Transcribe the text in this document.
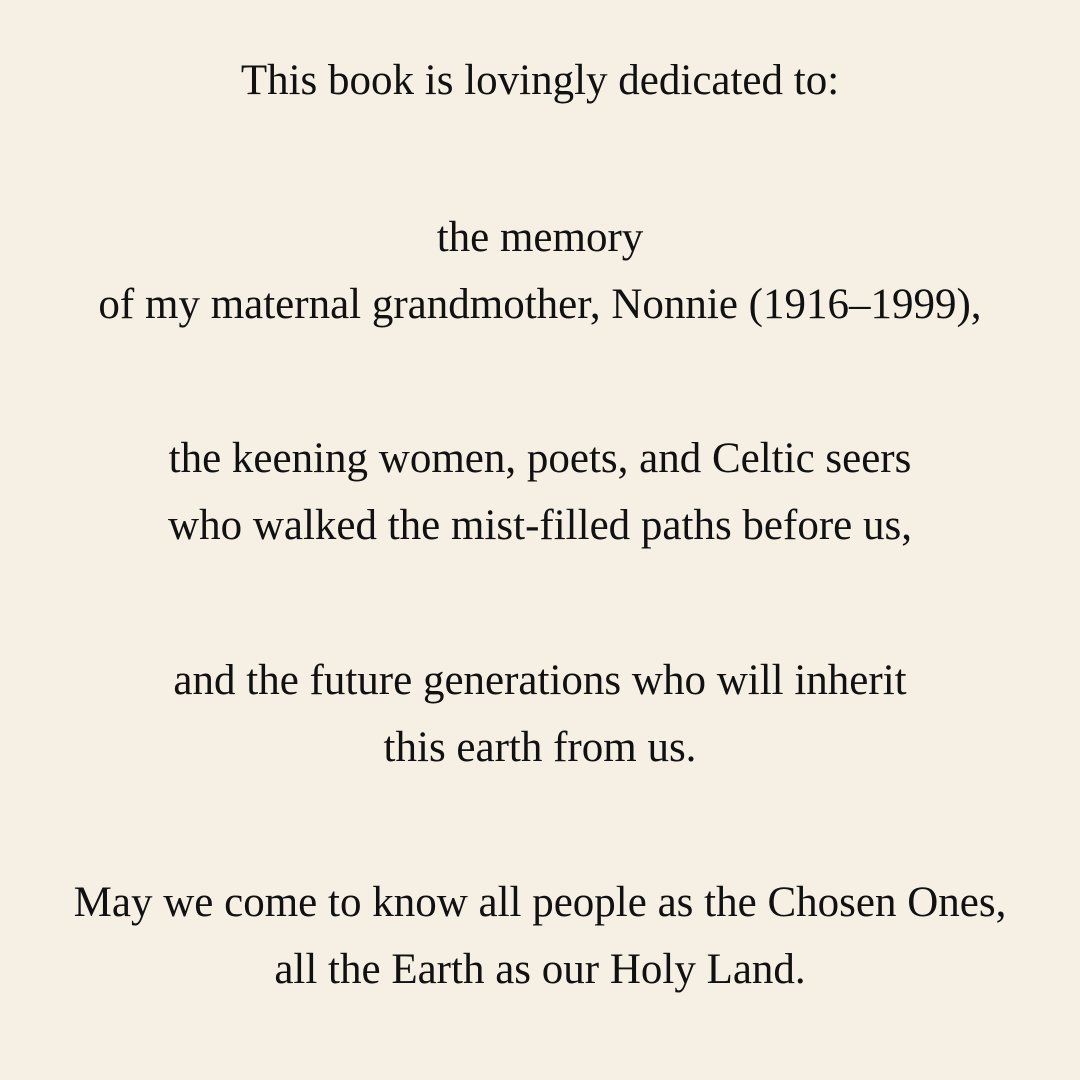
This book is lovingly dedicated to:
the memory
of my maternal grandmother, Nonnie (1916–1999),
the keening women, poets, and Celtic seers
who walked the mist-filled paths before us,
and the future generations who will inherit
this earth from us.
May we come to know all people as the Chosen Ones,
all the Earth as our Holy Land.
